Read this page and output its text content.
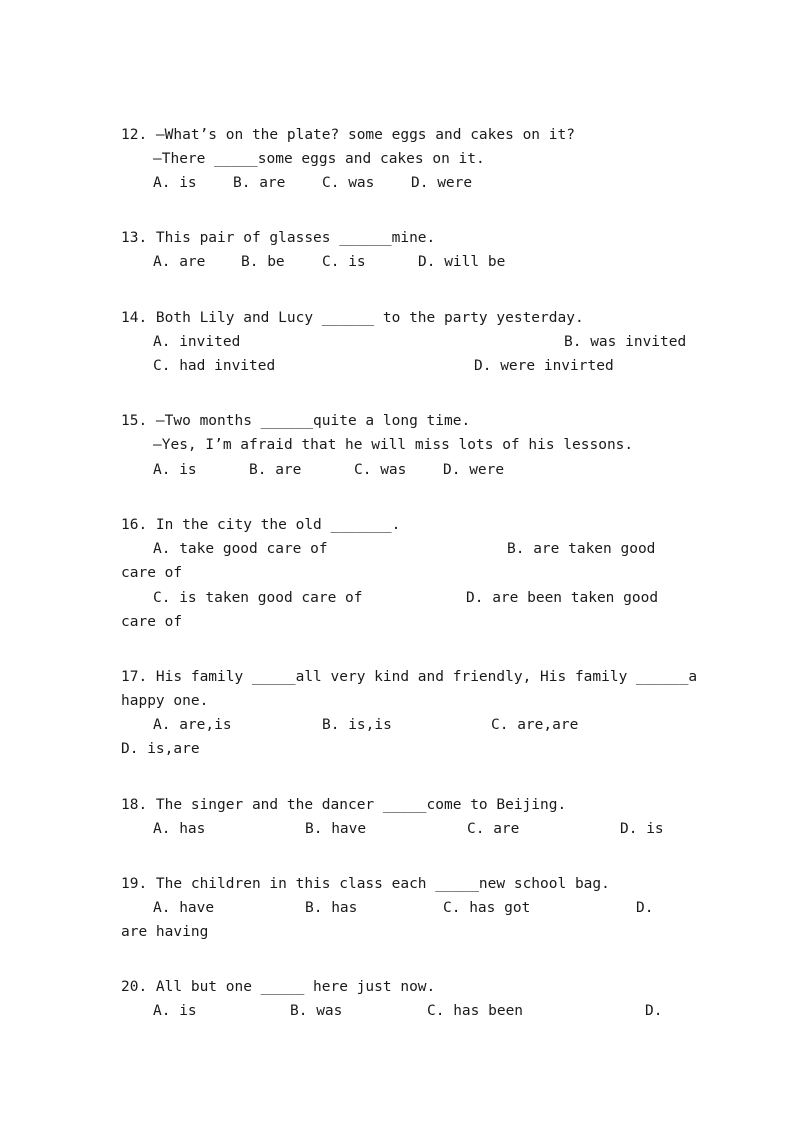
12. —What’s on the plate? some eggs and cakes on it?
—There _____some eggs and cakes on it.
A. is	B. are	C. was	D. were
13. This pair of glasses ______mine.
A. are B. be	C. is	D. will be
14. Both Lily and Lucy ______ to the party yesterday.
A. invited	B. was invited
C. had invited	D. were invirted
15. —Two months ______quite a long time.
—Yes, I’m afraid that he will miss lots of his lessons.
A. is	B. are	C. was	D. were
16. In the city the old _______.
A. take good care of	B. are taken good
care of
C. is taken good care of	D. are been taken good
care of
17. His family _____all very kind and friendly, His family ______a
happy one.
A. are,is	B. is,is	C. are,are
D. is,are
18. The singer and the dancer _____come to Beijing.
A. has	B. have	C. are	D. is
19. The children in this class each _____new school bag.
A. have	B. has	C. has got	D.
are having
20. All but one _____ here just now.
A. is	B. was	C. has been	D.
